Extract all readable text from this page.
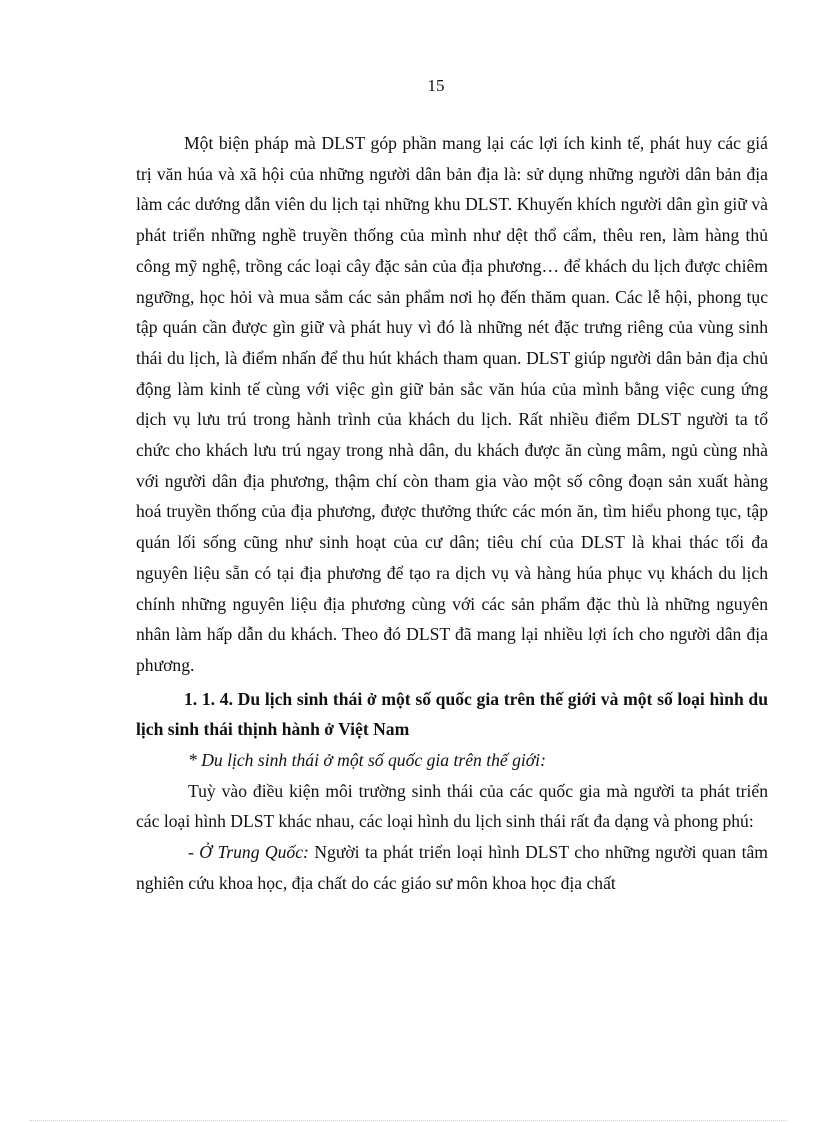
15

Một biện pháp mà DLST góp phần mang lại các lợi ích kinh tế, phát huy các giá trị văn húa và xã hội của những người dân bản địa là: sử dụng những người dân bản địa làm các dướng dẫn viên du lịch tại những khu DLST. Khuyến khích người dân gìn giữ và phát triển những nghề truyền thống của mình như dệt thổ cẩm, thêu ren, làm hàng thủ công mỹ nghệ, trồng các loại cây đặc sản của địa phương… để khách du lịch được chiêm ngưỡng, học hỏi và mua sắm các sản phẩm nơi họ đến thăm quan. Các lễ hội, phong tục tập quán cần được gìn giữ và phát huy vì đó là những nét đặc trưng riêng của vùng sinh thái du lịch, là điểm nhấn để thu hút khách tham quan. DLST giúp người dân bản địa chủ động làm kinh tế cùng với việc gìn giữ bản sắc văn húa của mình bằng việc cung ứng dịch vụ lưu trú trong hành trình của khách du lịch. Rất nhiều điểm DLST người ta tổ chức cho khách lưu trú ngay trong nhà dân, du khách được ăn cùng mâm, ngủ cùng nhà với người dân địa phương, thậm chí còn tham gia vào một số công đoạn sản xuất hàng hoá truyền thống của địa phương, được thưởng thức các món ăn, tìm hiểu phong tục, tập quán lối sống cũng như sinh hoạt của cư dân; tiêu chí của DLST là khai thác tối đa nguyên liệu sẵn có tại địa phương để tạo ra dịch vụ và hàng húa phục vụ khách du lịch chính những nguyên liệu địa phương cùng với các sản phẩm đặc thù là những nguyên nhân làm hấp dẫn du khách. Theo đó DLST đã mang lại nhiều lợi ích cho người dân địa phương.

1. 1. 4. Du lịch sinh thái ở một số quốc gia trên thế giới và một số loại hình du lịch sinh thái thịnh hành ở Việt Nam

* Du lịch sinh thái ở một số quốc gia trên thế giới:

Tuỳ vào điều kiện môi trường sinh thái của các quốc gia mà người ta phát triển các loại hình DLST khác nhau, các loại hình du lịch sinh thái rất đa dạng và phong phú:

- Ở Trung Quốc: Người ta phát triển loại hình DLST cho những người quan tâm nghiên cứu khoa học, địa chất do các giáo sư môn khoa học địa chất
